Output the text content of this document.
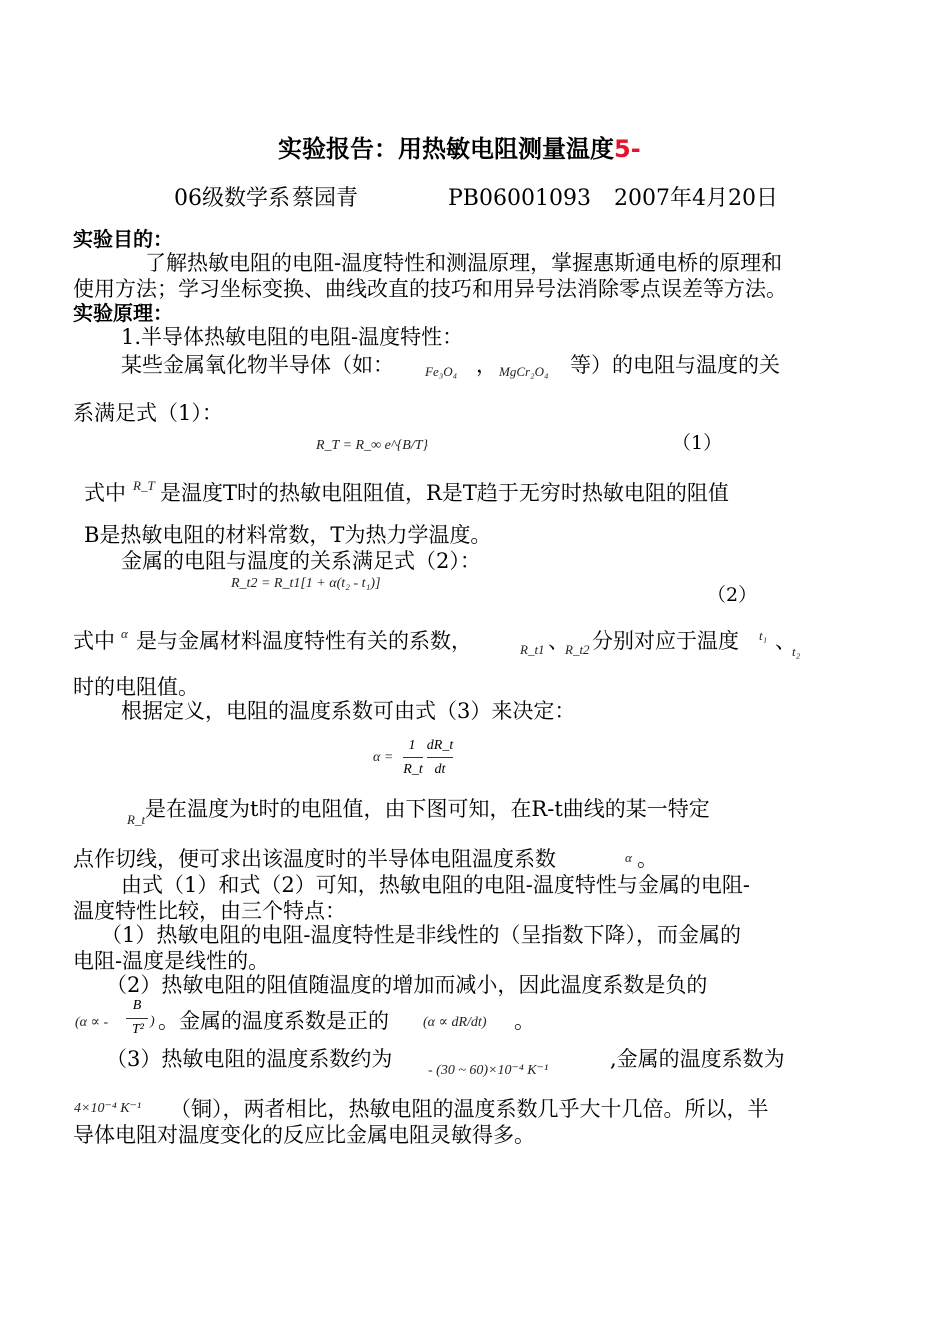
实验报告：用热敏电阻测量温度5-
06级数学系 蔡园青	PB06001093 2007年4月20日
实验目的：
了解热敏电阻的电阻-温度特性和测温原理，掌握惠斯通电桥的原理和
使用方法；学习坐标变换、曲线改直的技巧和用异号法消除零点误差等方法。
实验原理：
1.半导体热敏电阻的电阻-温度特性：
某些金属氧化物半导体（如： Fe₃O₄ ， MgCr₂O₄ 等）的电阻与温度的关
系满足式（1）：
R_T = R_∞ e^{B/T}	（1）
式中 R_T 是温度T时的热敏电阻阻值，R是T趋于无穷时热敏电阻的阻值
B是热敏电阻的材料常数，T为热力学温度。
金属的电阻与温度的关系满足式（2）：
R_t2 = R_t1[1 + α(t₂ - t₁)]
（2）
式中 α 是与金属材料温度特性有关的系数，	R_t1 、
R_t2 分别对应于温度 t₁ 、
t₂
时的电阻值。
根据定义，电阻的温度系数可由式（3）来决定：
α =
1
R_t
dR_t
dt
R_t 是在温度为t时的电阻值，由下图可知，在R-t曲线的某一特定
点作切线，便可求出该温度时的半导体电阻温度系数	α 。
由式（1）和式（2）可知，热敏电阻的电阻-温度特性与金属的电阻-
温度特性比较，由三个特点：
（1）热敏电阻的电阻-温度特性是非线性的（呈指数下降），而金属的
电阻-温度是线性的。
（2）热敏电阻的阻值随温度的增加而减小，因此温度系数是负的
(α ∝ -
B
T²
) 。金属的温度系数是正的 (α ∝ dR/dt) 。
（3）热敏电阻的温度系数约为	- (30 ~ 60)×10⁻⁴ K⁻¹	,金属的温度系数为
4×10⁻⁴ K⁻¹ （铜），两者相比，热敏电阻的温度系数几乎大十几倍。所以，半
导体电阻对温度变化的反应比金属电阻灵敏得多。
